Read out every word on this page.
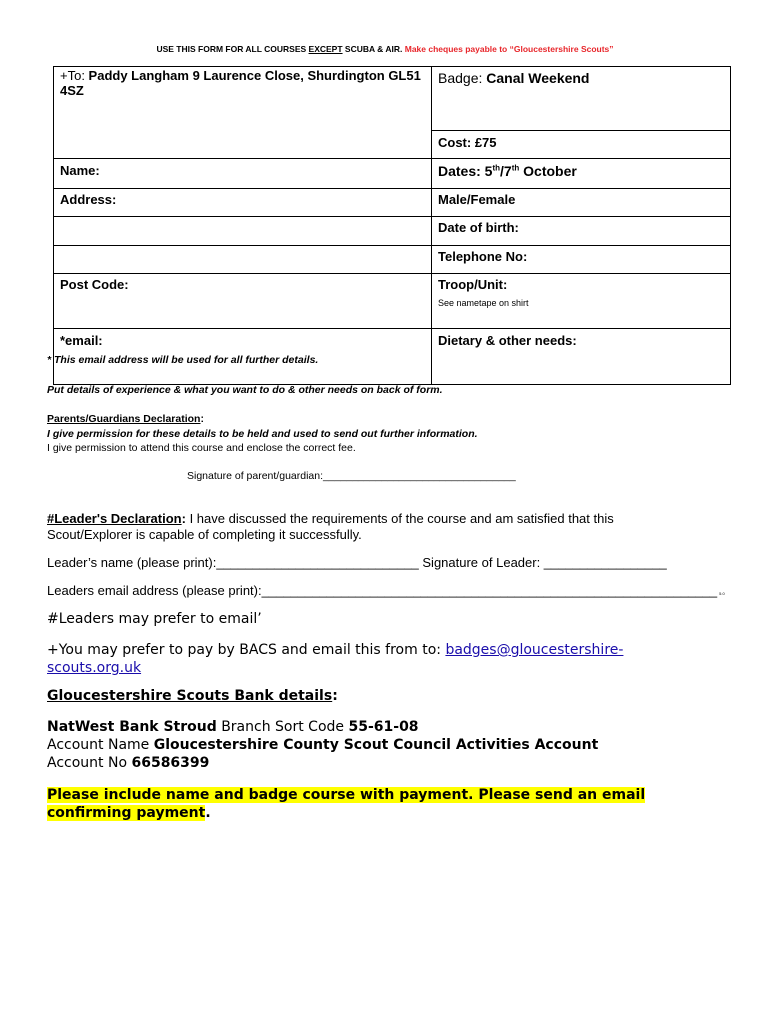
USE THIS FORM FOR ALL COURSES EXCEPT SCUBA & AIR. Make cheques payable to “Gloucestershire Scouts”
+To: Paddy Langham 9 Laurence Close, Shurdington GL51 4SZ	Badge: Canal Weekend
	Cost: £75
Name:	Dates: 5th/7th October
Address:	Male/Female
	Date of birth:
	Telephone No:
Post Code:	Troop/Unit:
See nametape on shirt

*email:	Dietary & other needs:
* This email address will be used for all further details.
Put details of experience & what you want to do & other needs on back of form.
Parents/Guardians Declaration:
I give permission for these details to be held and used to send out further information.
I give permission to attend this course and enclose the correct fee.
Signature of parent/guardian:_________________________________
#Leader's Declaration: I have discussed the requirements of the course and am satisfied that this Scout/Explorer is capable of completing it successfully.
Leader’s name (please print):____________________________ Signature of Leader: _________________
Leaders email address (please print):_______________________________________________________________ 5.0
#Leaders may prefer to email’
+You may prefer to pay by BACS and email this from to: badges@gloucestershire-scouts.org.uk
Gloucestershire Scouts Bank details:
NatWest Bank Stroud Branch Sort Code 55-61-08
Account Name Gloucestershire County Scout Council Activities Account
Account No 66586399
Please include name and badge course with payment. Please send an email confirming payment.
